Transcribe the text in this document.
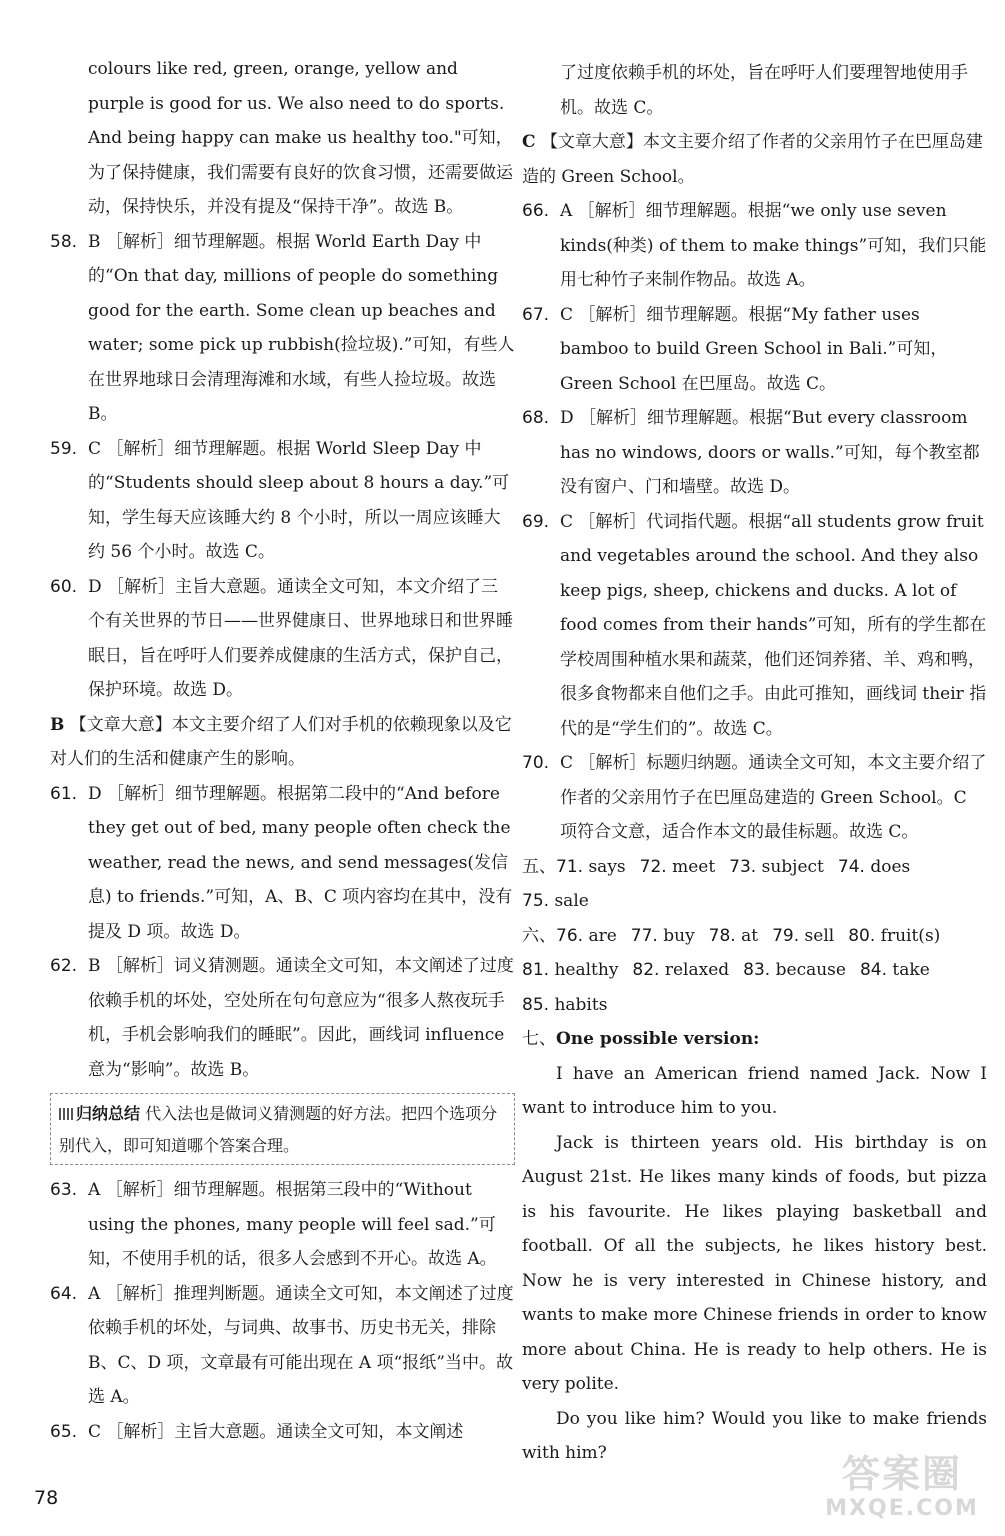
colours like red, green, orange, yellow and purple is good for us. We also need to do sports. And being happy can make us healthy too."可知，为了保持健康，我们需要有良好的饮食习惯，还需要做运动，保持快乐，并没有提及“保持干净”。故选 B。

58. B ［解析］细节理解题。根据 World Earth Day 中的“On that day, millions of people do something good for the earth. Some clean up beaches and water; some pick up rubbish(捡垃圾).”可知，有些人在世界地球日会清理海滩和水域，有些人捡垃圾。故选 B。

59. C ［解析］细节理解题。根据 World Sleep Day 中的“Students should sleep about 8 hours a day.”可知，学生每天应该睡大约 8 个小时，所以一周应该睡大约 56 个小时。故选 C。

60. D ［解析］主旨大意题。通读全文可知，本文介绍了三个有关世界的节日——世界健康日、世界地球日和世界睡眠日，旨在呼吁人们要养成健康的生活方式，保护自己，保护环境。故选 D。

B 【文章大意】本文主要介绍了人们对手机的依赖现象以及它对人们的生活和健康产生的影响。

61. D ［解析］细节理解题。根据第二段中的“And before they get out of bed, many people often check the weather, read the news, and send messages(发信息) to friends.”可知，A、B、C 项内容均在其中，没有提及 D 项。故选 D。

62. B ［解析］词义猜测题。通读全文可知，本文阐述了过度依赖手机的坏处，空处所在句句意应为“很多人熬夜玩手机，手机会影响我们的睡眠”。因此，画线词 influence 意为“影响”。故选 B。

归纳总结 代入法也是做词义猜测题的好方法。把四个选项分别代入，即可知道哪个答案合理。
63. A ［解析］细节理解题。根据第三段中的“Without using the phones, many people will feel sad.”可知，不使用手机的话，很多人会感到不开心。故选 A。

64. A ［解析］推理判断题。通读全文可知，本文阐述了过度依赖手机的坏处，与词典、故事书、历史书无关，排除 B、C、D 项，文章最有可能出现在 A 项“报纸”当中。故选 A。

65. C ［解析］主旨大意题。通读全文可知，本文阐述

了过度依赖手机的坏处，旨在呼吁人们要理智地使用手机。故选 C。

C 【文章大意】本文主要介绍了作者的父亲用竹子在巴厘岛建造的 Green School。

66. A ［解析］细节理解题。根据“we only use seven kinds(种类) of them to make things”可知，我们只能用七种竹子来制作物品。故选 A。

67. C ［解析］细节理解题。根据“My father uses bamboo to build Green School in Bali.”可知，Green School 在巴厘岛。故选 C。

68. D ［解析］细节理解题。根据“But every classroom has no windows, doors or walls.”可知，每个教室都没有窗户、门和墙壁。故选 D。

69. C ［解析］代词指代题。根据“all students grow fruit and vegetables around the school. And they also keep pigs, sheep, chickens and ducks. A lot of food comes from their hands”可知，所有的学生都在学校周围种植水果和蔬菜，他们还饲养猪、羊、鸡和鸭，很多食物都来自他们之手。由此可推知，画线词 their 指代的是“学生们的”。故选 C。

70. C ［解析］标题归纳题。通读全文可知，本文主要介绍了作者的父亲用竹子在巴厘岛建造的 Green School。C 项符合文意，适合作本文的最佳标题。故选 C。

五、71. says 72. meet 73. subject 74. does
75. sale
六、76. are 77. buy 78. at 79. sell 80. fruit(s)
81. healthy 82. relaxed 83. because 84. take
85. habits

七、One possible version:

I have an American friend named Jack. Now I want to introduce him to you.

Jack is thirteen years old. His birthday is on August 21st. He likes many kinds of foods, but pizza is his favourite. He likes playing basketball and football. Of all the subjects, he likes history best. Now he is very interested in Chinese history, and wants to make more Chinese friends in order to know more about China. He is ready to help others. He is very polite.

Do you like him? Would you like to make friends with him?

78
答案圈
MXQE.COM
